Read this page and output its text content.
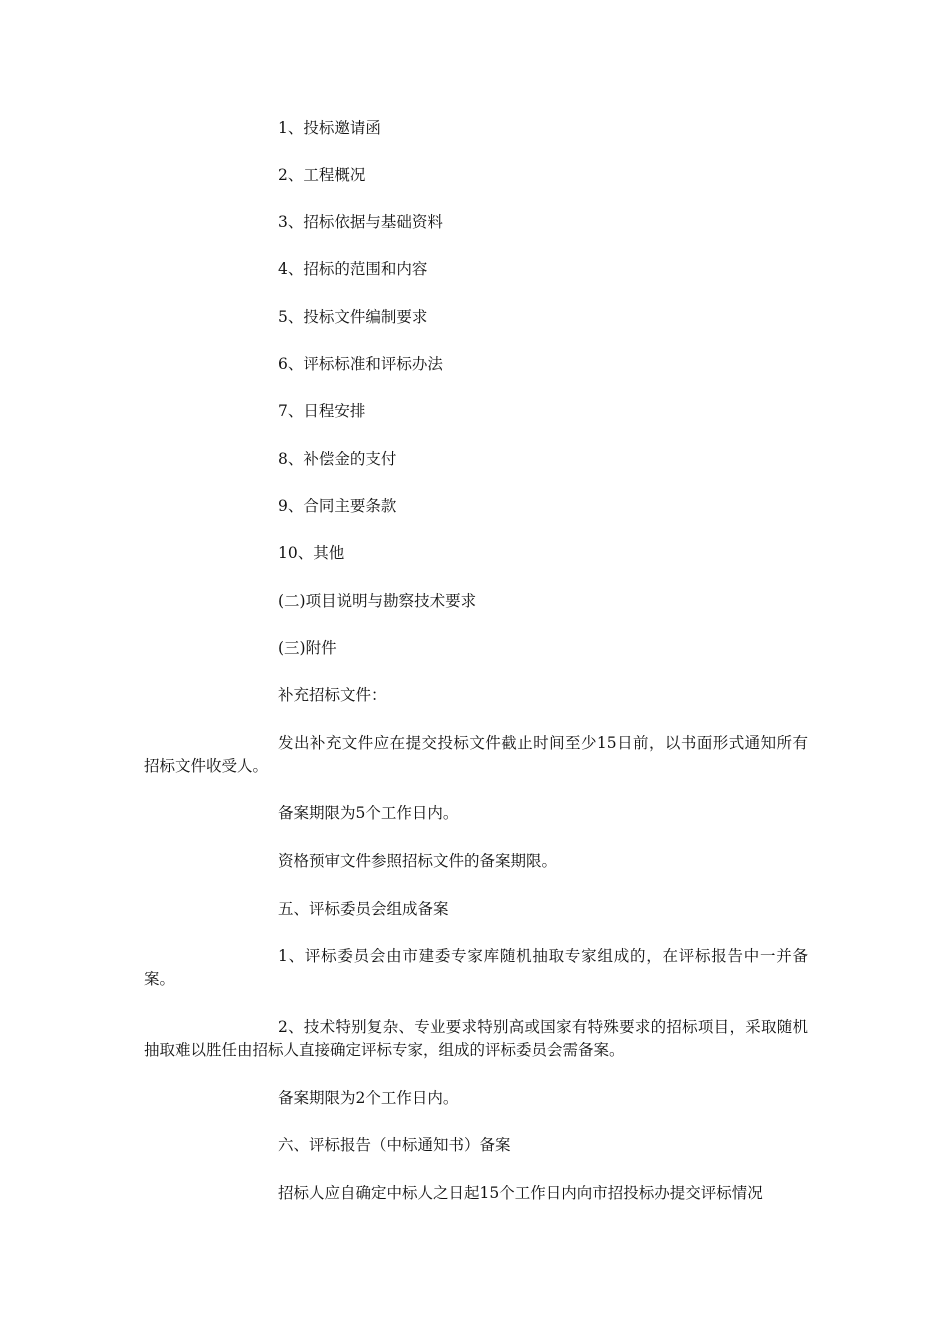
1、投标邀请函

2、工程概况

3、招标依据与基础资料

4、招标的范围和内容

5、投标文件编制要求

6、评标标准和评标办法

7、日程安排

8、补偿金的支付

9、合同主要条款

10、其他

(二)项目说明与勘察技术要求

(三)附件

补充招标文件：

发出补充文件应在提交投标文件截止时间至少15日前，以书面形式通知所有招标文件收受人。

备案期限为5个工作日内。

资格预审文件参照招标文件的备案期限。

五、评标委员会组成备案

1、评标委员会由市建委专家库随机抽取专家组成的，在评标报告中一并备案。

2、技术特别复杂、专业要求特别高或国家有特殊要求的招标项目，采取随机抽取难以胜任由招标人直接确定评标专家，组成的评标委员会需备案。

备案期限为2个工作日内。

六、评标报告（中标通知书）备案

招标人应自确定中标人之日起15个工作日内向市招投标办提交评标情况
